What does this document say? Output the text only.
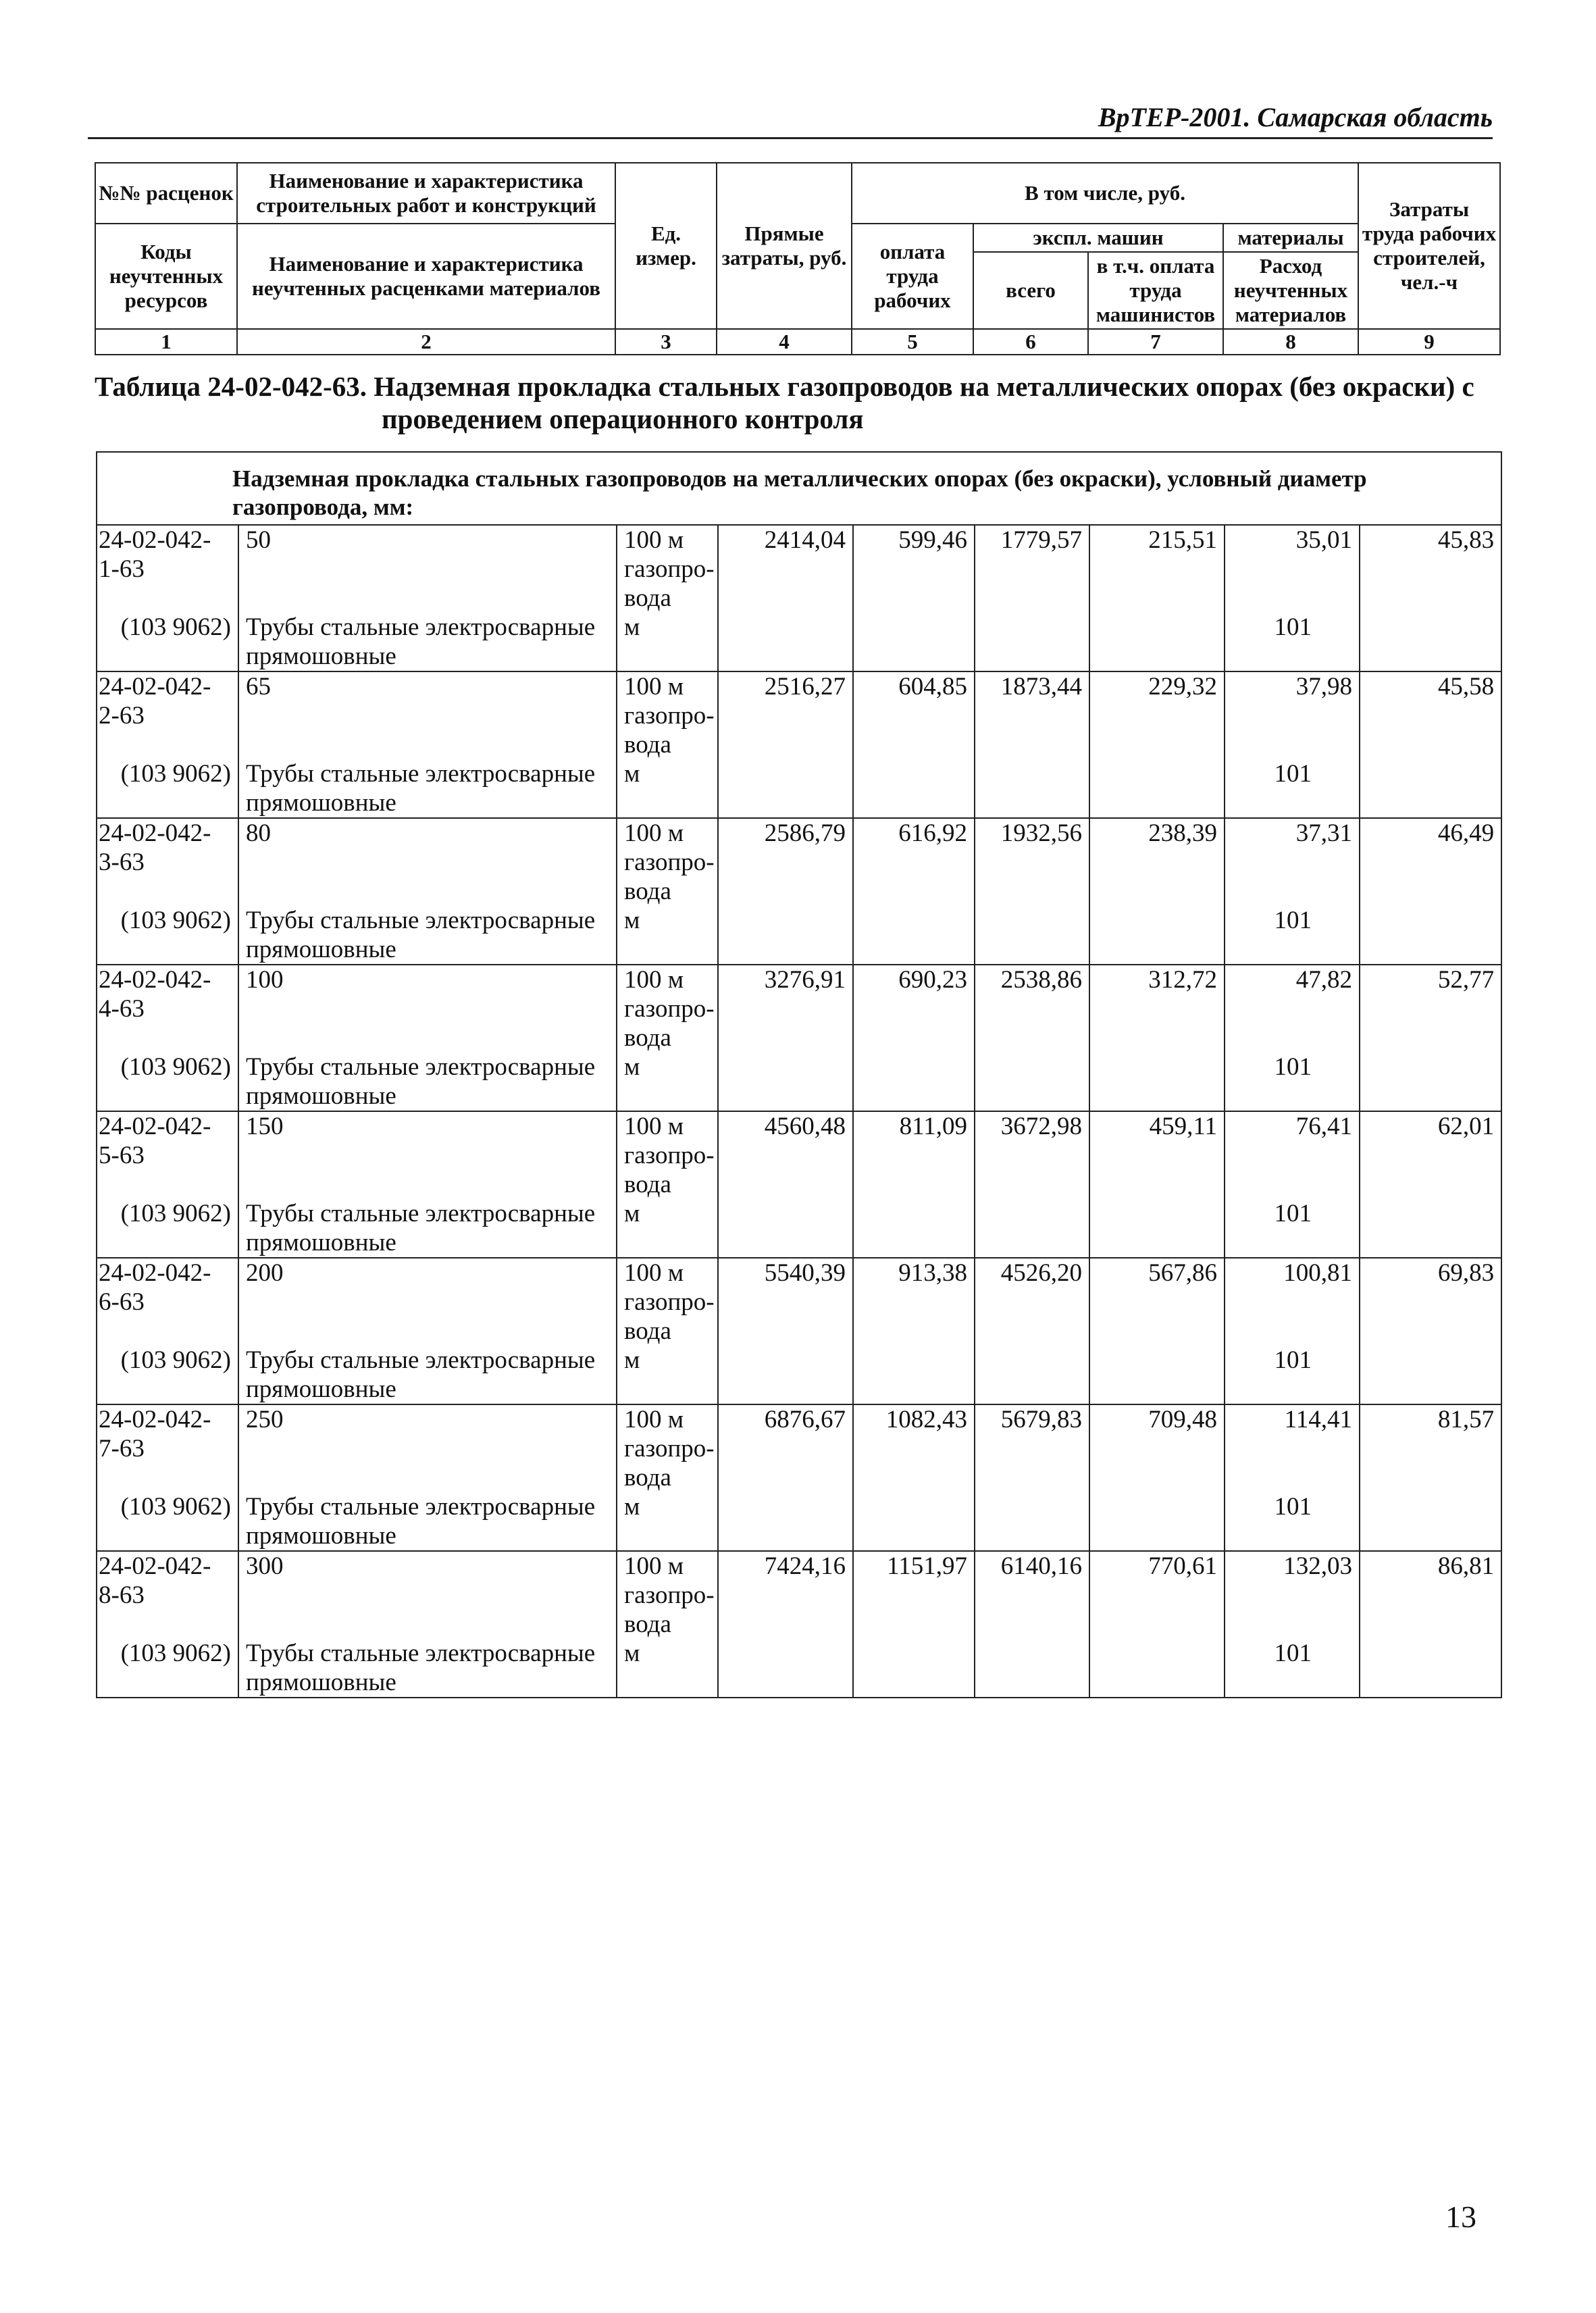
ВрТЕР-2001. Самарская область
№№ расценок	Наименование и характеристика строительных работ и конструкций	Ед. измер.	Прямые затраты, руб.	В том числе, руб.				Затраты труда рабочих строителей, чел.-ч
Коды неучтенных ресурсов	Наименование и характеристика неучтенных расценками материалов			оплата труда рабочих	экспл. машин		материалы	
					всего	в т.ч. оплата труда машинистов	Расход неучтенных материалов	

1	2	3	4	5	6	7	8	9
Таблица 24-02-042-63. Надземная прокладка стальных газопроводов на металлических опорах (без окраски) с
проведением операционного контроля
Надземная прокладка стальных газопроводов на металлических опорах (без окраски), условный диаметр газопровода, мм:								
24-02-042-1-63	50	100 м газопро-вода	2414,04	599,46	1779,57	215,51	35,01	45,83
(103 9062)	Трубы стальные электросварные прямошовные	м					101	
24-02-042-2-63	65	100 м газопро-вода	2516,27	604,85	1873,44	229,32	37,98	45,58
(103 9062)	Трубы стальные электросварные прямошовные	м					101	
24-02-042-3-63	80	100 м газопро-вода	2586,79	616,92	1932,56	238,39	37,31	46,49
(103 9062)	Трубы стальные электросварные прямошовные	м					101	
24-02-042-4-63	100	100 м газопро-вода	3276,91	690,23	2538,86	312,72	47,82	52,77
(103 9062)	Трубы стальные электросварные прямошовные	м					101	
24-02-042-5-63	150	100 м газопро-вода	4560,48	811,09	3672,98	459,11	76,41	62,01
(103 9062)	Трубы стальные электросварные прямошовные	м					101	
24-02-042-6-63	200	100 м газопро-вода	5540,39	913,38	4526,20	567,86	100,81	69,83
(103 9062)	Трубы стальные электросварные прямошовные	м					101	
24-02-042-7-63	250	100 м газопро-вода	6876,67	1082,43	5679,83	709,48	114,41	81,57
(103 9062)	Трубы стальные электросварные прямошовные	м					101	
24-02-042-8-63	300	100 м газопро-вода	7424,16	1151,97	6140,16	770,61	132,03	86,81
(103 9062)	Трубы стальные электросварные прямошовные	м					101	
13
